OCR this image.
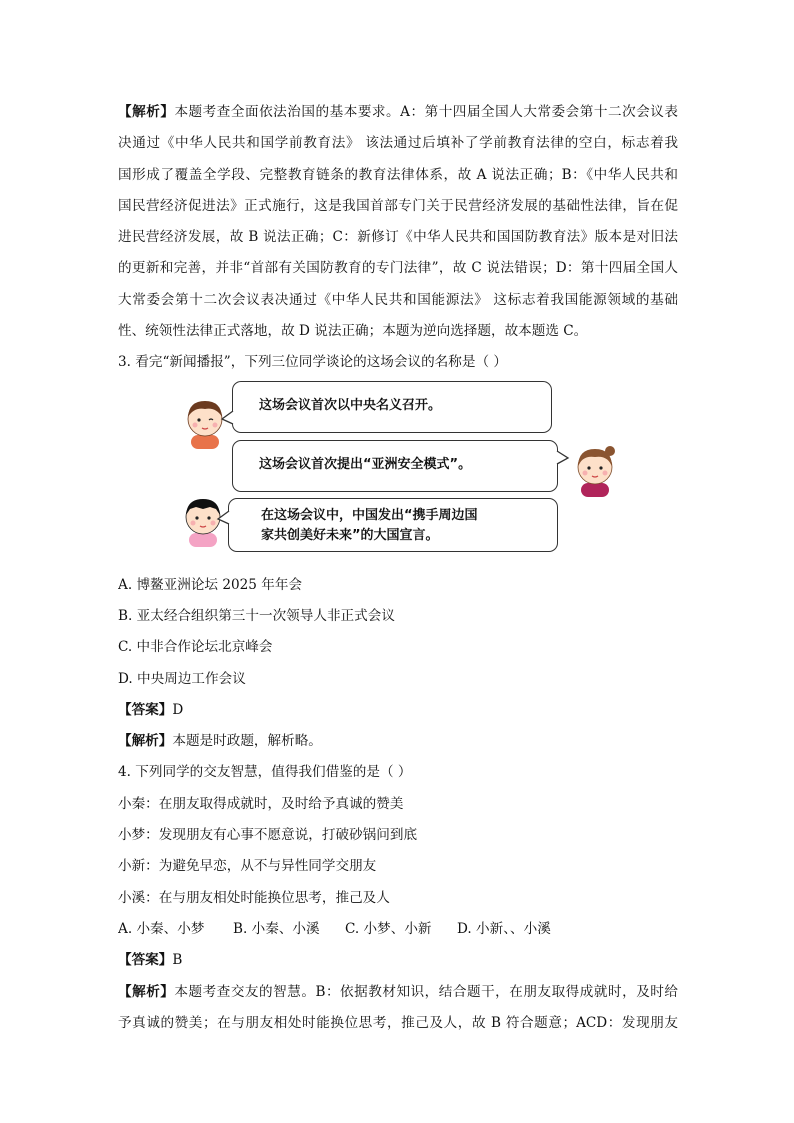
【解析】本题考查全面依法治国的基本要求。A：第十四届全国人大常委会第十二次会议表
决通过《中华人民共和国学前教育法》 该法通过后填补了学前教育法律的空白，标志着我
国形成了覆盖全学段、完整教育链条的教育法律体系，故 A 说法正确；B：《中华人民共和
国民营经济促进法》正式施行，这是我国首部专门关于民营经济发展的基础性法律，旨在促
进民营经济发展，故 B 说法正确；C：新修订《中华人民共和国国防教育法》版本是对旧法
的更新和完善，并非“首部有关国防教育的专门法律”，故 C 说法错误；D：第十四届全国人
大常委会第十二次会议表决通过《中华人民共和国能源法》 这标志着我国能源领域的基础
性、统领性法律正式落地，故 D 说法正确；本题为逆向选择题，故本题选 C。
3. 看完“新闻播报”，下列三位同学谈论的这场会议的名称是（ ）
这场会议首次以中央名义召开。
这场会议首次提出“亚洲安全模式”。
在这场会议中，中国发出“携手周边国
家共创美好未来”的大国宣言。
A. 博鳌亚洲论坛 2025 年年会
B. 亚太经合组织第三十一次领导人非正式会议
C. 中非合作论坛北京峰会
D. 中央周边工作会议
【答案】D
【解析】本题是时政题，解析略。
4. 下列同学的交友智慧，值得我们借鉴的是（ ）
小秦：在朋友取得成就时，及时给予真诚的赞美
小梦：发现朋友有心事不愿意说，打破砂锅问到底
小新：为避免早恋，从不与异性同学交朋友
小溪：在与朋友相处时能换位思考，推己及人
A. 小秦、小梦 B. 小秦、小溪 C. 小梦、小新 D. 小新、、小溪
【答案】B
【解析】本题考查交友的智慧。B：依据教材知识，结合题干，在朋友取得成就时，及时给
予真诚的赞美；在与朋友相处时能换位思考，推己及人，故 B 符合题意；ACD：发现朋友
